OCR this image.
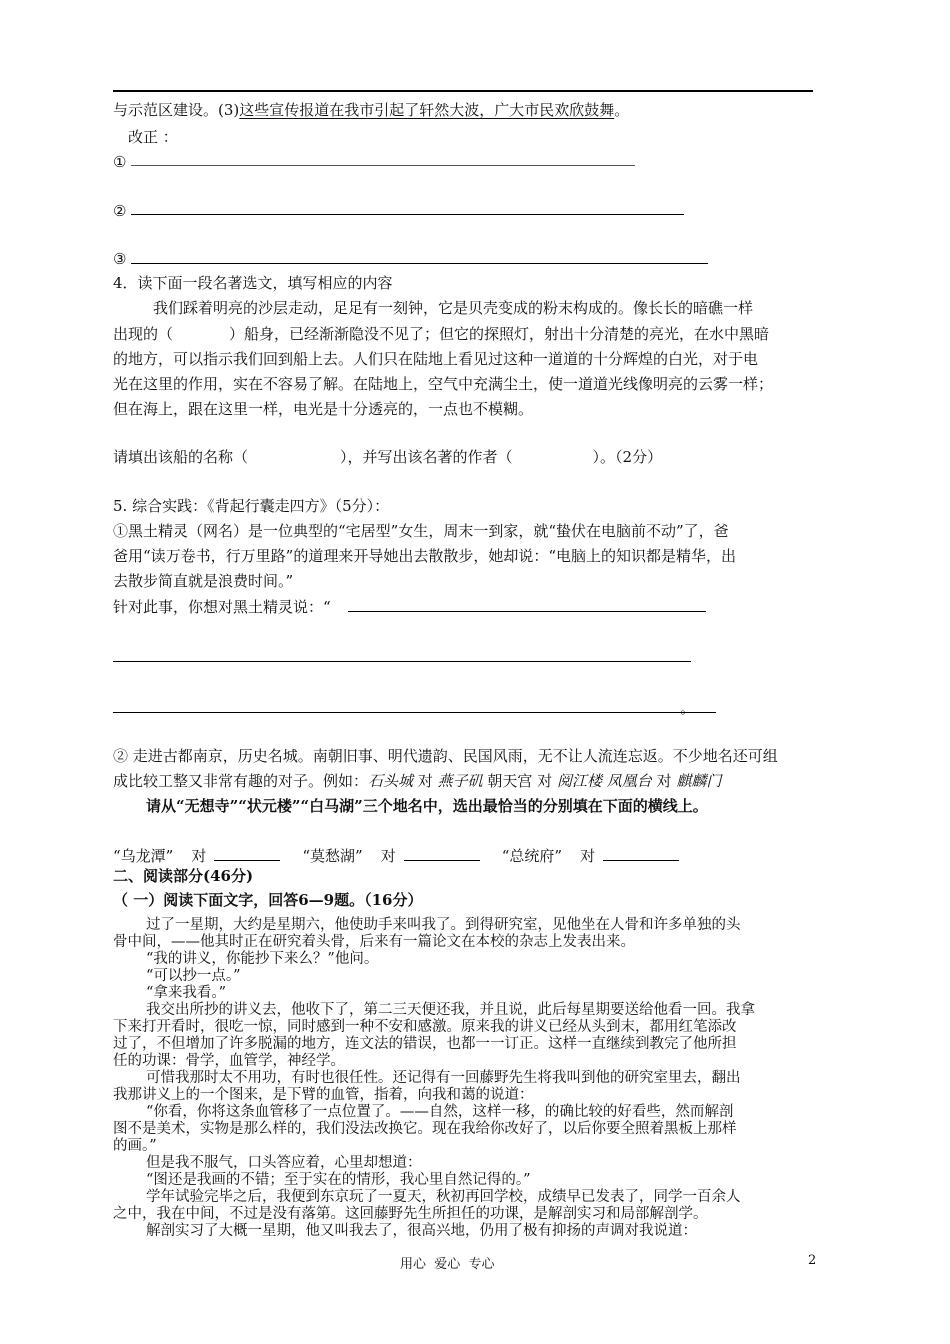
与示范区建设。(3)这些宣传报道在我市引起了轩然大波，广大市民欢欣鼓舞。
改正 ：
①
②
③
4．读下面一段名著选文，填写相应的内容
我们踩着明亮的沙层走动，足足有一刻钟，它是贝壳变成的粉末构成的。像长长的暗礁一样
出现的（	）船身，已经渐渐隐没不见了；但它的探照灯，射出十分清楚的亮光，在水中黑暗
的地方，可以指示我们回到船上去。人们只在陆地上看见过这种一道道的十分辉煌的白光，对于电
光在这里的作用，实在不容易了解。在陆地上，空气中充满尘土，使一道道光线像明亮的云雾一样；
但在海上，跟在这里一样，电光是十分透亮的，一点也不模糊。
请填出该船的名称（	），并写出该名著的作者（	）。（2分）
5. 综合实践：《背起行囊走四方》（5分）：
①黑土精灵（网名）是一位典型的“宅居型”女生，周末一到家，就“蛰伏在电脑前不动”了，爸
爸用“读万卷书，行万里路”的道理来开导她出去散散步，她却说：“电脑上的知识都是精华，出
去散步简直就是浪费时间。”
针对此事，你想对黑土精灵说：“
。
② 走进古都南京，历史名城。南朝旧事、明代遗韵、民国风雨，无不让人流连忘返。不少地名还可组
成比较工整又非常有趣的对子。例如：石头城 对 燕子矶 朝天宫 对 阅江楼 凤凰台 对 麒麟门
请从“无想寺”“状元楼”“白马湖”三个地名中，选出最恰当的分别填在下面的横线上。
“乌龙潭” 对	“莫愁湖” 对	“总统府” 对
二、阅读部分(46分)
（ 一）阅读下面文字，回答6—9题。（16分）
过了一星期，大约是星期六，他使助手来叫我了。到得研究室，见他坐在人骨和许多单独的头
骨中间，——他其时正在研究着头骨，后来有一篇论文在本校的杂志上发表出来。
“我的讲义，你能抄下来么？”他问。
“可以抄一点。”
“拿来我看。”
我交出所抄的讲义去，他收下了，第二三天便还我，并且说，此后每星期要送给他看一回。我拿
下来打开看时，很吃一惊，同时感到一种不安和感激。原来我的讲义已经从头到末，都用红笔添改
过了，不但增加了许多脱漏的地方，连文法的错误，也都一一订正。这样一直继续到教完了他所担
任的功课：骨学，血管学，神经学。
可惜我那时太不用功，有时也很任性。还记得有一回藤野先生将我叫到他的研究室里去，翻出
我那讲义上的一个图来，是下臂的血管，指着，向我和蔼的说道：
“你看，你将这条血管移了一点位置了。——自然，这样一移，的确比较的好看些，然而解剖
图不是美术，实物是那么样的，我们没法改换它。现在我给你改好了，以后你要全照着黑板上那样
的画。”
但是我不服气，口头答应着，心里却想道：
“图还是我画的不错；至于实在的情形，我心里自然记得的。”
学年试验完毕之后，我便到东京玩了一夏天，秋初再回学校，成绩早已发表了，同学一百余人
之中，我在中间，不过是没有落第。这回藤野先生所担任的功课，是解剖实习和局部解剖学。
解剖实习了大概一星期，他又叫我去了，很高兴地，仍用了极有抑扬的声调对我说道：
用心  爱心  专心	2
